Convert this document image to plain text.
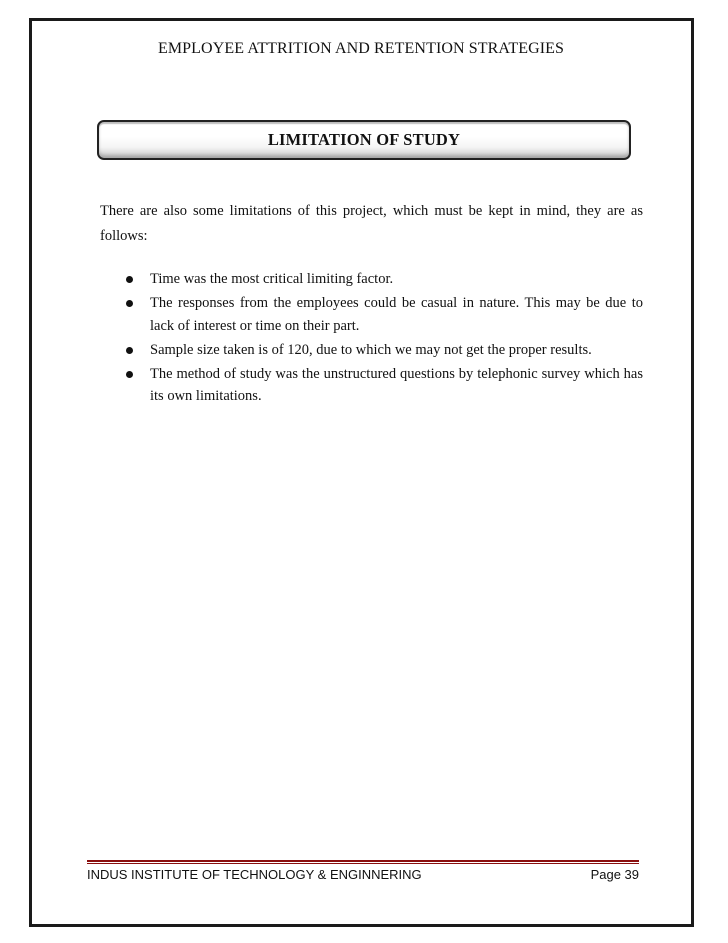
EMPLOYEE ATTRITION AND RETENTION STRATEGIES
LIMITATION OF STUDY

There are also some limitations of this project, which must be kept in mind, they are as follows:

Time was the most critical limiting factor.
The responses from the employees could be casual in nature. This may be due to lack of interest or time on their part.
Sample size taken is of 120, due to which we may not get the proper results.
The method of study was the unstructured questions by telephonic survey which has its own limitations.
INDUS INSTITUTE OF TECHNOLOGY & ENGINNERING	Page 39
